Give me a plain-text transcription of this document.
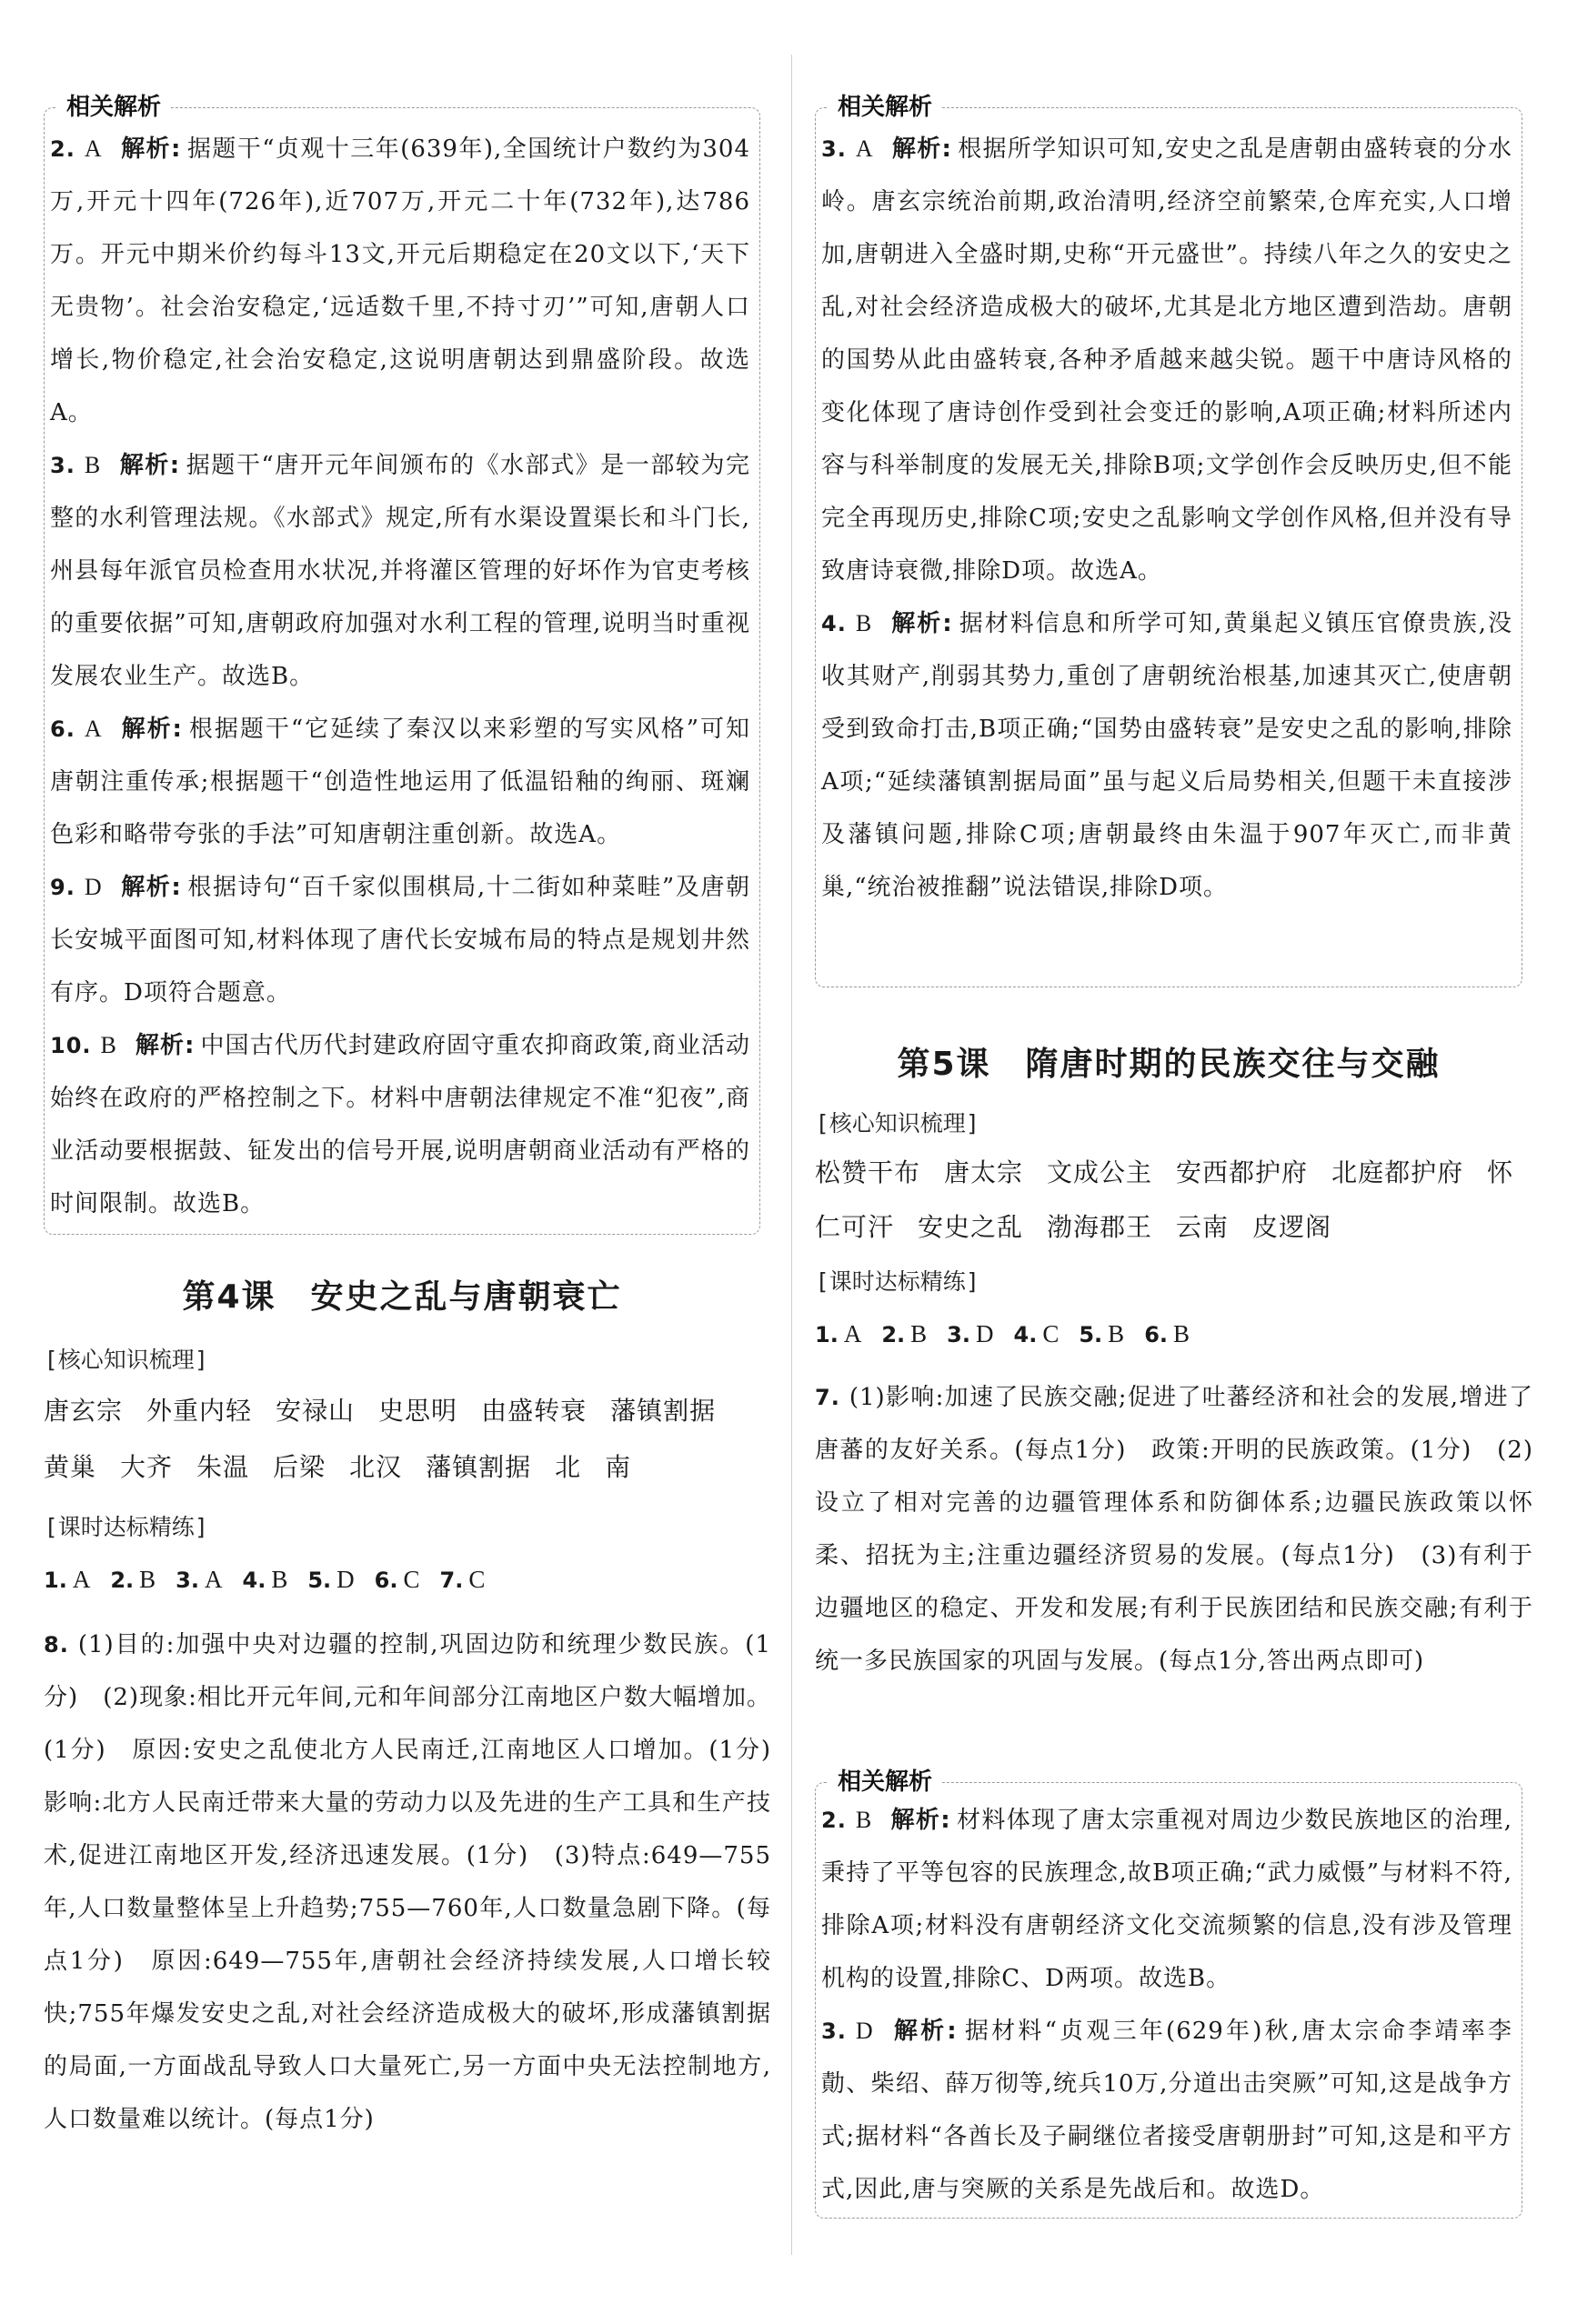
相关解析

2. A 解析: 据题干“贞观十三年(639年),全国统计户数约为304万,开元十四年(726年),近707万,开元二十年(732年),达786万。开元中期米价约每斗13文,开元后期稳定在20文以下,‘天下无贵物’。社会治安稳定,‘远适数千里,不持寸刃’”可知,唐朝人口增长,物价稳定,社会治安稳定,这说明唐朝达到鼎盛阶段。故选A。

3. B 解析: 据题干“唐开元年间颁布的《水部式》是一部较为完整的水利管理法规。《水部式》规定,所有水渠设置渠长和斗门长,州县每年派官员检查用水状况,并将灌区管理的好坏作为官吏考核的重要依据”可知,唐朝政府加强对水利工程的管理,说明当时重视发展农业生产。故选B。

6. A 解析: 根据题干“它延续了秦汉以来彩塑的写实风格”可知唐朝注重传承;根据题干“创造性地运用了低温铅釉的绚丽、斑斓色彩和略带夸张的手法”可知唐朝注重创新。故选A。

9. D 解析: 根据诗句“百千家似围棋局,十二街如种菜畦”及唐朝长安城平面图可知,材料体现了唐代长安城布局的特点是规划井然有序。D项符合题意。

10. B 解析: 中国古代历代封建政府固守重农抑商政策,商业活动始终在政府的严格控制之下。材料中唐朝法律规定不准“犯夜”,商业活动要根据鼓、钲发出的信号开展,说明唐朝商业活动有严格的时间限制。故选B。

第4课　安史之乱与唐朝衰亡
[ 核心知识梳理 ]
唐玄宗 外重内轻 安禄山 史思明 由盛转衰 藩镇割据
黄巢 大齐 朱温 后梁 北汉 藩镇割据 北 南
[ 课时达标精练 ]
1. A 2. B 3. A 4. B 5. D 6. C 7. C

8. (1)目的:加强中央对边疆的控制,巩固边防和统理少数民族。(1分)　(2)现象:相比开元年间,元和年间部分江南地区户数大幅增加。(1分)　原因:安史之乱使北方人民南迁,江南地区人口增加。(1分)　影响:北方人民南迁带来大量的劳动力以及先进的生产工具和生产技术,促进江南地区开发,经济迅速发展。(1分)　(3)特点:649—755年,人口数量整体呈上升趋势;755—760年,人口数量急剧下降。(每点1分)　原因:649—755年,唐朝社会经济持续发展,人口增长较快;755年爆发安史之乱,对社会经济造成极大的破坏,形成藩镇割据的局面,一方面战乱导致人口大量死亡,另一方面中央无法控制地方,人口数量难以统计。(每点1分)

相关解析

3. A 解析: 根据所学知识可知,安史之乱是唐朝由盛转衰的分水岭。唐玄宗统治前期,政治清明,经济空前繁荣,仓库充实,人口增加,唐朝进入全盛时期,史称“开元盛世”。持续八年之久的安史之乱,对社会经济造成极大的破坏,尤其是北方地区遭到浩劫。唐朝的国势从此由盛转衰,各种矛盾越来越尖锐。题干中唐诗风格的变化体现了唐诗创作受到社会变迁的影响,A项正确;材料所述内容与科举制度的发展无关,排除B项;文学创作会反映历史,但不能完全再现历史,排除C项;安史之乱影响文学创作风格,但并没有导致唐诗衰微,排除D项。故选A。

4. B 解析: 据材料信息和所学可知,黄巢起义镇压官僚贵族,没收其财产,削弱其势力,重创了唐朝统治根基,加速其灭亡,使唐朝受到致命打击,B项正确;“国势由盛转衰”是安史之乱的影响,排除A项;“延续藩镇割据局面”虽与起义后局势相关,但题干未直接涉及藩镇问题,排除C项;唐朝最终由朱温于907年灭亡,而非黄巢,“统治被推翻”说法错误,排除D项。

第5课　隋唐时期的民族交往与交融
[ 核心知识梳理 ]
松赞干布 唐太宗 文成公主 安西都护府 北庭都护府 怀
仁可汗 安史之乱 渤海郡王 云南 皮逻阁
[ 课时达标精练 ]
1. A 2. B 3. D 4. C 5. B 6. B

7. (1)影响:加速了民族交融;促进了吐蕃经济和社会的发展,增进了唐蕃的友好关系。(每点1分)　政策:开明的民族政策。(1分)　(2)设立了相对完善的边疆管理体系和防御体系;边疆民族政策以怀柔、招抚为主;注重边疆经济贸易的发展。(每点1分)　(3)有利于边疆地区的稳定、开发和发展;有利于民族团结和民族交融;有利于统一多民族国家的巩固与发展。(每点1分,答出两点即可)

相关解析

2. B 解析: 材料体现了唐太宗重视对周边少数民族地区的治理,秉持了平等包容的民族理念,故B项正确;“武力威慑”与材料不符,排除A项;材料没有唐朝经济文化交流频繁的信息,没有涉及管理机构的设置,排除C、D两项。故选B。

3. D 解析: 据材料“贞观三年(629年)秋,唐太宗命李靖率李勣、柴绍、薛万彻等,统兵10万,分道出击突厥”可知,这是战争方式;据材料“各酋长及子嗣继位者接受唐朝册封”可知,这是和平方式,因此,唐与突厥的关系是先战后和。故选D。
